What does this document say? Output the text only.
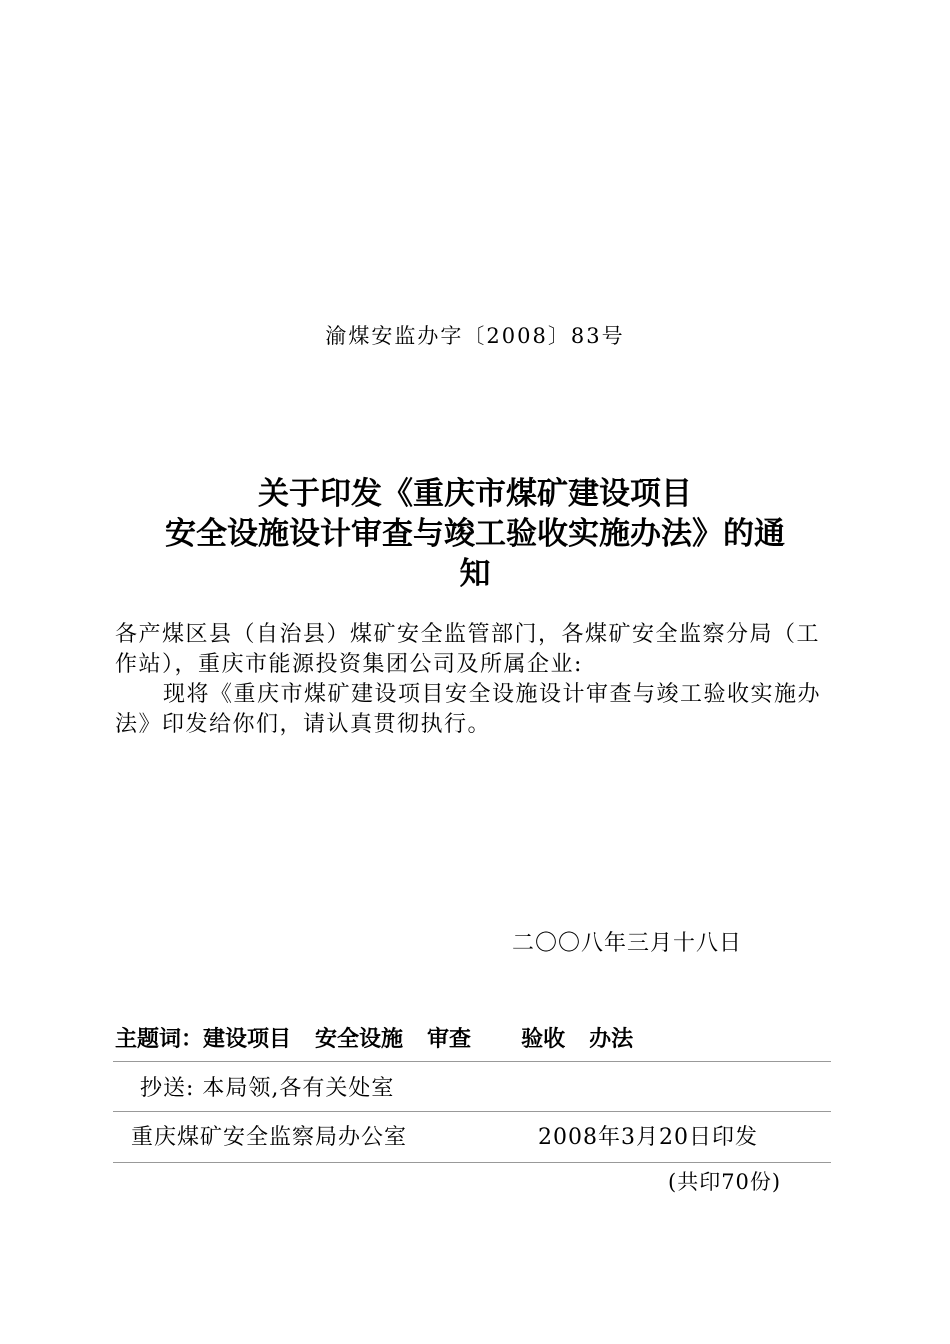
渝煤安监办字〔2008〕83号
关于印发《重庆市煤矿建设项目
安全设施设计审查与竣工验收实施办法》的通
知
各产煤区县（自治县）煤矿安全监管部门，各煤矿安全监察分局（工作站），重庆市能源投资集团公司及所属企业:
现将《重庆市煤矿建设项目安全设施设计审查与竣工验收实施办法》印发给你们，请认真贯彻执行。
二〇〇八年三月十八日
主题词：建设项目 安全设施 审查 验收 办法
抄送: 本局领,各有关处室
重庆煤矿安全监察局办公室	2008年3月20日印发
(共印70份)
